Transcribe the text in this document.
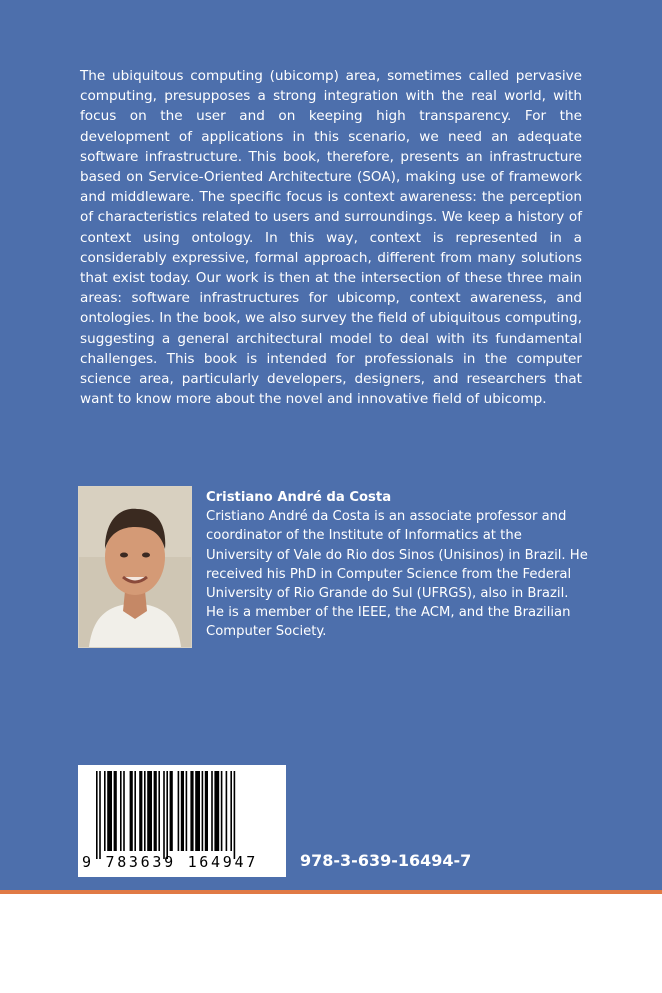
The ubiquitous computing (ubicomp) area, sometimes called pervasive computing, presupposes a strong integration with the real world, with focus on the user and on keeping high transparency. For the development of applications in this scenario, we need an adequate software infrastructure. This book, therefore, presents an infrastructure based on Service-Oriented Architecture (SOA), making use of framework and middleware. The specific focus is context awareness: the perception of characteristics related to users and surroundings. We keep a history of context using ontology. In this way, context is represented in a considerably expressive, formal approach, different from many solutions that exist today. Our work is then at the intersection of these three main areas: software infrastructures for ubicomp, context awareness, and ontologies. In the book, we also survey the field of ubiquitous computing, suggesting a general architectural model to deal with its fundamental challenges. This book is intended for professionals in the computer science area, particularly developers, designers, and researchers that want to know more about the novel and innovative field of ubicomp.

Cristiano André da Costa
Cristiano André da Costa is an associate professor and coordinator of the Institute of Informatics at the University of Vale do Rio dos Sinos (Unisinos) in Brazil. He received his PhD in Computer Science from the Federal University of Rio Grande do Sul (UFRGS), also in Brazil. He is a member of the IEEE, the ACM, and the Brazilian Computer Society.
9 783639 164947	978-3-639-16494-7
